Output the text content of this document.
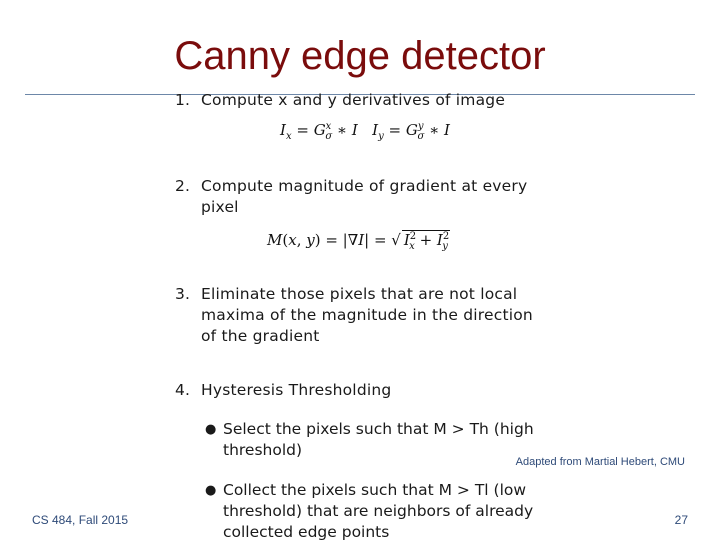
Canny edge detector
1. Compute x and y derivatives of image
$I_x = G^x_\sigma$ ∗ I $I_y = G^y_\sigma$ ∗ I
2. Compute magnitude of gradient at every pixel
M(x, y) = |∇I| = √ $I^2_x + I^2_y$
3. Eliminate those pixels that are not local maxima of the magnitude in the direction of the gradient
4. Hysteresis Thresholding
● Select the pixels such that M > Th (high threshold)
● Collect the pixels such that M > Tl (low threshold) that are neighbors of already collected edge points
Adapted from Martial Hebert, CMU
CS 484, Fall 2015	27
